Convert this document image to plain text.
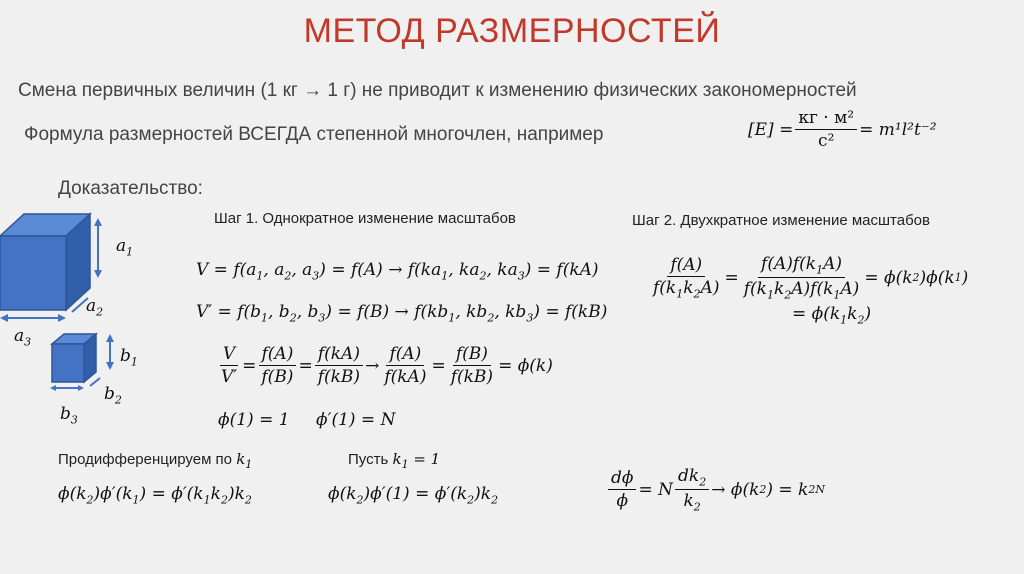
МЕТОД РАЗМЕРНОСТЕЙ
Смена первичных величин (1 кг → 1 г) не приводит к изменению физических закономерностей
Формула размерностей ВСЕГДА степенной многочлен, например	$[E] = \frac{\text{кг · м²}}{\text{с²}} = m^1l^2t^{-2}$
Доказательство:
Шаг 1. Однократное изменение масштабов	Шаг 2. Двухкратное изменение масштабов
$a_1$
$a_2$
$a_3$
$b_1$
$b_2$
$b_3$
$V = f(a_1$, $a_2$, $a_3) = f(A) \to f(ka_1$, $ka_2$, $ka_3) = f(kA)$
$V' = f(b_1$, $b_2$, $b_3) = f(B) \to f(kb_1$, $kb_2$, $kb_3) = f(kB)$
$\frac{V}{V'} = \frac{f(A)}{f(B)} = \frac{f(kA)}{f(kB)} \to \frac{f(A)}{f(kA)} = \frac{f(B)}{f(kB)} = \phi(k)$
ϕ(1) = 1 ϕ′(1) = N
$\frac{f(A)}{f(k_1k_2A)} = \frac{f(A)f(k_1A)}{f(k_1k_2A)f(k_1A)} = \phi(k$ 2 )ϕ(k 1 )
= $\phi(k_1k_2)$
Продифференцируем по $k_1$	Пусть $k_1 = 1$
$\phi(k_2)\phi'(k_1) = \phi'(k_1k_2)k_2$	$\phi(k_2)\phi'(1) = \phi'(k_2)k_2$	$\frac{d\phi}{\phi} = N \frac{dk_2}{k_2} \to \phi(k$ 2 ) = k 2 N
